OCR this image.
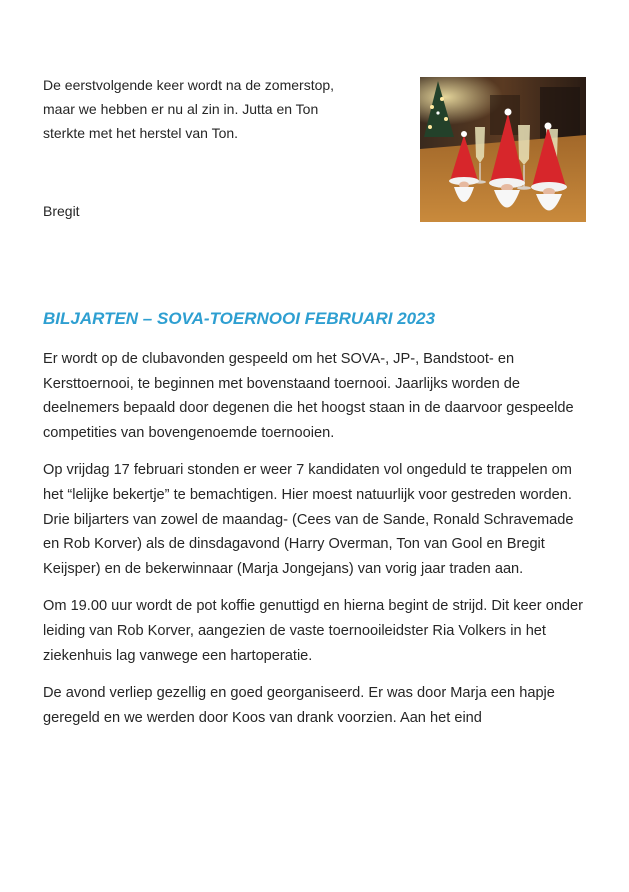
De eerstvolgende keer wordt na de zomerstop,

maar we hebben er nu al zin in. Jutta en Ton

sterkte met het herstel van Ton.

Bregit
BILJARTEN – SOVA-TOERNOOI FEBRUARI 2023

Er wordt op de clubavonden gespeeld om het SOVA-, JP-, Bandstoot- en Kersttoernooi, te beginnen met bovenstaand toernooi. Jaarlijks worden de deelnemers bepaald door degenen die het hoogst staan in de daarvoor gespeelde competities van bovengenoemde toernooien.

Op vrijdag 17 februari stonden er weer 7 kandidaten vol ongeduld te trappelen om het “lelijke bekertje” te bemachtigen. Hier moest natuurlijk voor gestreden worden. Drie biljarters van zowel de maandag- (Cees van de Sande, Ronald Schravemade en Rob Korver) als de dinsdagavond (Harry Overman, Ton van Gool en Bregit Keijsper) en de bekerwinnaar (Marja Jongejans) van vorig jaar traden aan.

Om 19.00 uur wordt de pot koffie genuttigd en hierna begint de strijd. Dit keer onder leiding van Rob Korver, aangezien de vaste toernooileidster Ria Volkers in het ziekenhuis lag vanwege een hartoperatie.

De avond verliep gezellig en goed georganiseerd. Er was door Marja een hapje geregeld en we werden door Koos van drank voorzien. Aan het eind
